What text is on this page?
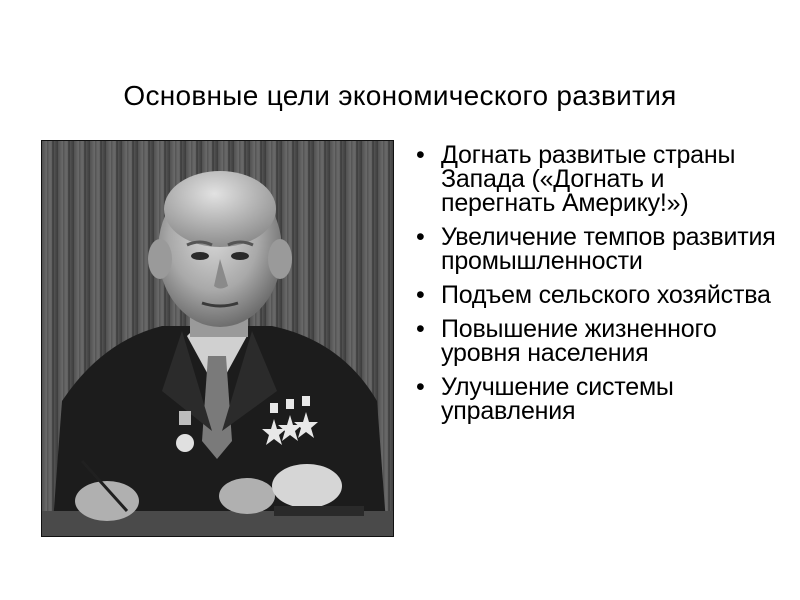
Основные цели экономического развития
• Догнать развитые страны Запада («Догнать и перегнать Америку!»)
• Увеличение темпов развития промышленности
• Подъем сельского хозяйства
• Повышение жизненного уровня населения
• Улучшение системы управления
